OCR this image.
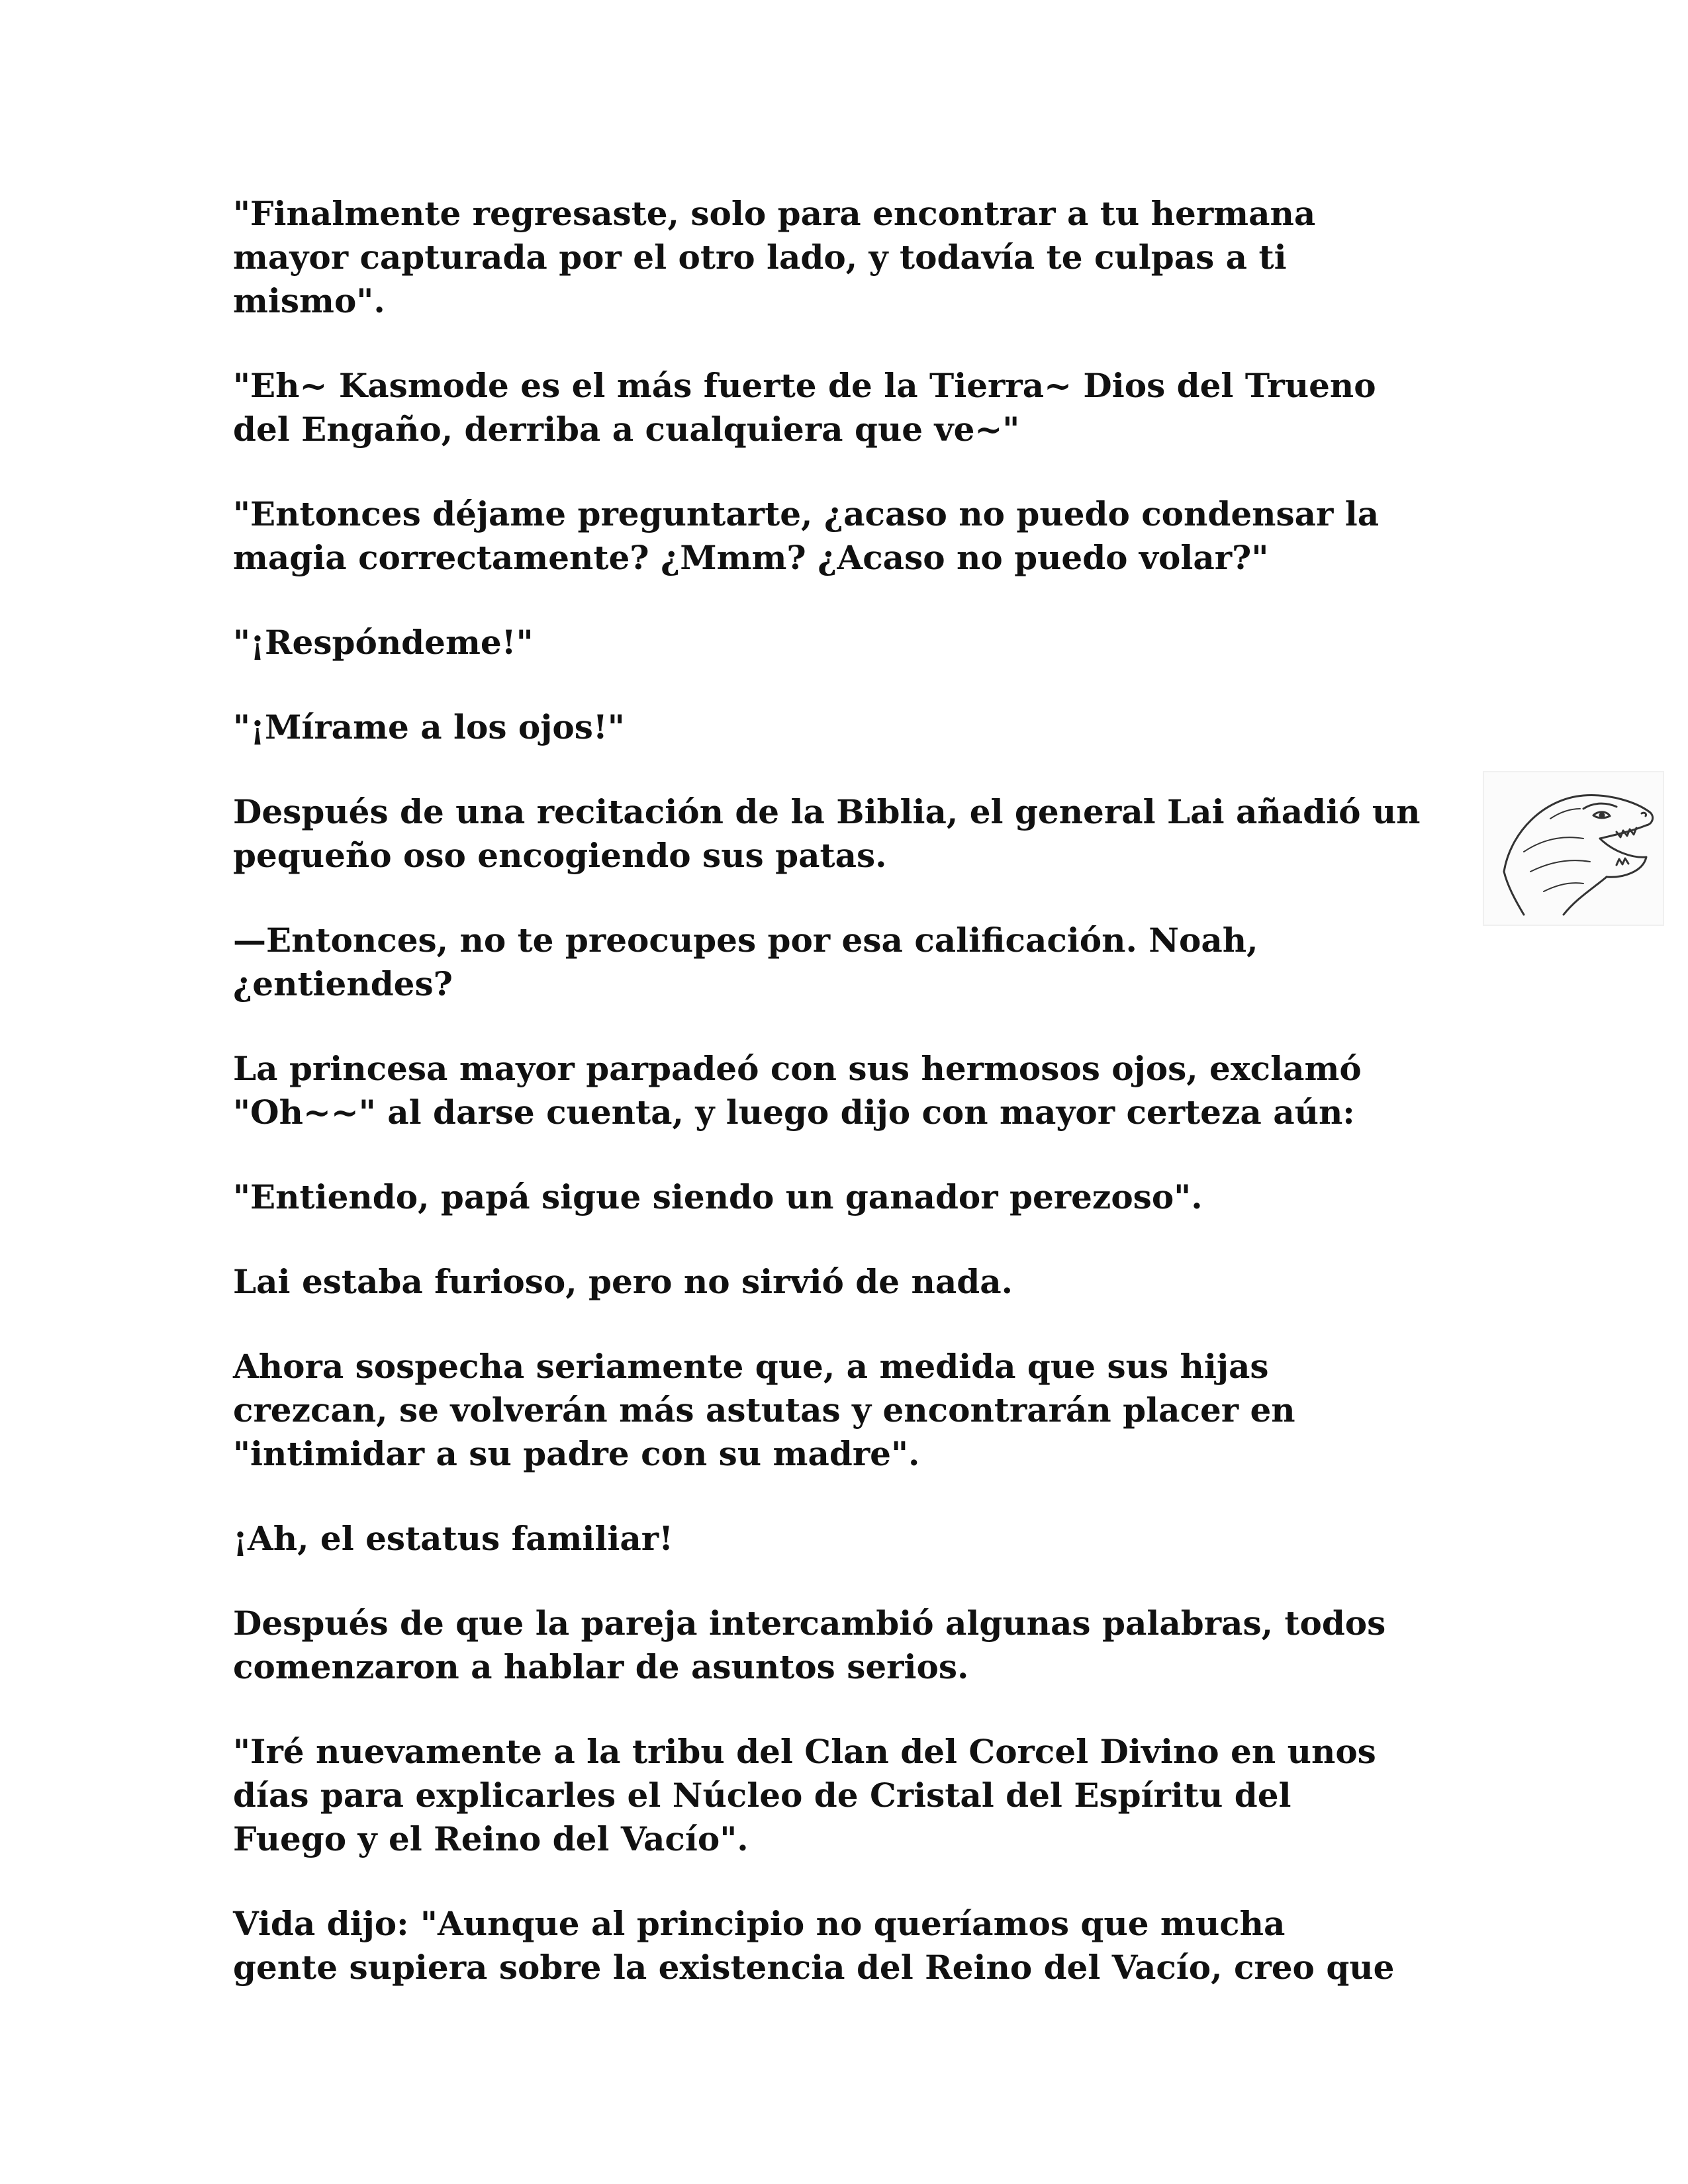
"Finalmente regresaste, solo para encontrar a tu hermana
mayor capturada por el otro lado, y todavía te culpas a ti
mismo".

"Eh~ Kasmode es el más fuerte de la Tierra~ Dios del Trueno
del Engaño, derriba a cualquiera que ve~"

"Entonces déjame preguntarte, ¿acaso no puedo condensar la
magia correctamente? ¿Mmm? ¿Acaso no puedo volar?"

"¡Respóndeme!"

"¡Mírame a los ojos!"

Después de una recitación de la Biblia, el general Lai añadió un
pequeño oso encogiendo sus patas.

—Entonces, no te preocupes por esa calificación. Noah,
¿entiendes?

La princesa mayor parpadeó con sus hermosos ojos, exclamó
"Oh~~" al darse cuenta, y luego dijo con mayor certeza aún:

"Entiendo, papá sigue siendo un ganador perezoso".

Lai estaba furioso, pero no sirvió de nada.

Ahora sospecha seriamente que, a medida que sus hijas
crezcan, se volverán más astutas y encontrarán placer en
"intimidar a su padre con su madre".

¡Ah, el estatus familiar!

Después de que la pareja intercambió algunas palabras, todos
comenzaron a hablar de asuntos serios.

"Iré nuevamente a la tribu del Clan del Corcel Divino en unos
días para explicarles el Núcleo de Cristal del Espíritu del
Fuego y el Reino del Vacío".

Vida dijo: "Aunque al principio no queríamos que mucha
gente supiera sobre la existencia del Reino del Vacío, creo que
